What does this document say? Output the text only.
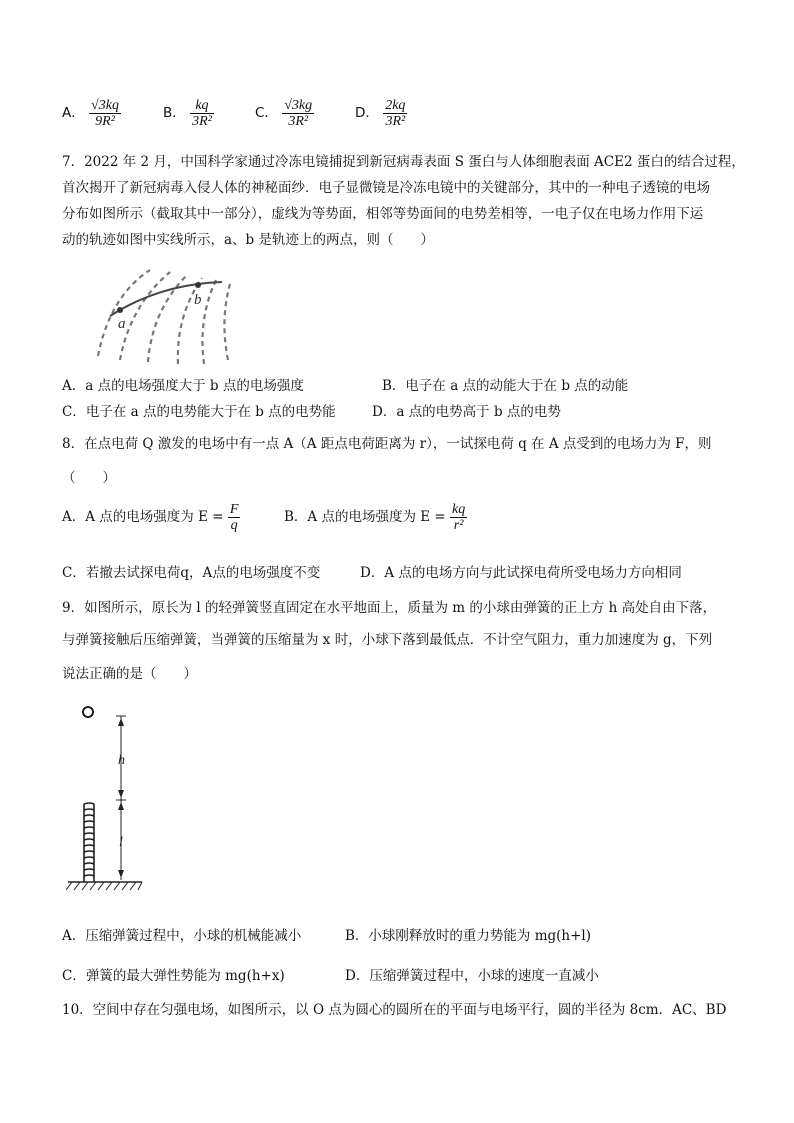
A． $\frac{√3kq}{\text{9R²}}$	B． $\frac{kq}{\text{3R²}}$	C． $\frac{√3kg}{\text{3R²}}$	D． $\frac{2kq}{\text{3R²}}$
7．2022 年 2 月，中国科学家通过冷冻电镜捕捉到新冠病毒表面 S 蛋白与人体细胞表面 ACE2 蛋白的结合过程，
首次揭开了新冠病毒入侵人体的神秘面纱．电子显微镜是冷冻电镜中的关键部分，其中的一种电子透镜的电场
分布如图所示（截取其中一部分），虚线为等势面，相邻等势面间的电势差相等，一电子仅在电场力作用下运
动的轨迹如图中实线所示，a、b 是轨迹上的两点，则（　　）
a
b
A．a 点的电场强度大于 b 点的电场强度	B．电子在 a 点的动能大于在 b 点的动能
C．电子在 a 点的电势能大于在 b 点的电势能	D．a 点的电势高于 b 点的电势
8．在点电荷 Q 激发的电场中有一点 A（A 距点电荷距离为 r），一试探电荷 q 在 A 点受到的电场力为 F，则
（　　）
A．A 点的电场强度为 $E = \frac{F}{q}$	B．A 点的电场强度为 $E = \frac{kq}{\text{r²}}$
C．若撤去试探电荷q，A点的电场强度不变	D．A 点的电场方向与此试探电荷所受电场力方向相同
9．如图所示，原长为 l 的轻弹簧竖直固定在水平地面上，质量为 m 的小球由弹簧的正上方 h 高处自由下落，
与弹簧接触后压缩弹簧，当弹簧的压缩量为 x 时，小球下落到最低点．不计空气阻力，重力加速度为 g，下列
说法正确的是（　　）
h
l
A．压缩弹簧过程中，小球的机械能减小	B．小球刚释放时的重力势能为 mg(h+l)
C．弹簧的最大弹性势能为 mg(h+x)	D．压缩弹簧过程中，小球的速度一直减小
10．空间中存在匀强电场，如图所示，以 O 点为圆心的圆所在的平面与电场平行，圆的半径为 8cm．AC、BD
